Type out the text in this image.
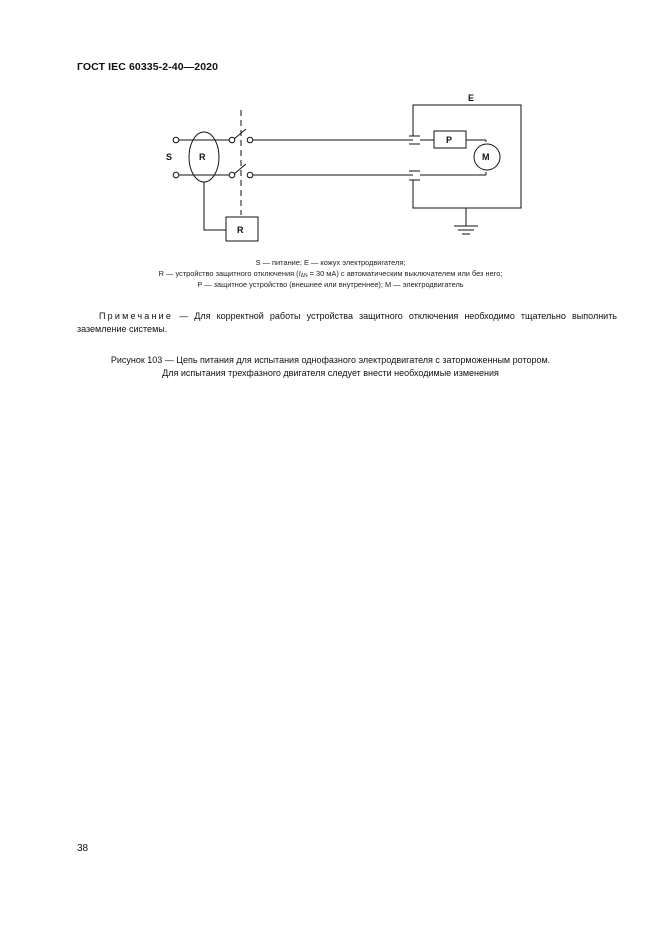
ГОСТ IEC 60335-2-40—2020
S	R
R
E
P
M
S — питание; E — кожух электродвигателя;
R — устройство защитного отключения ($I_{\Delta N} = 30$ мА) с автоматическим выключателем или без него;
P — защитное устройство (внешнее или внутреннее); M — электродвигатель
Примечание — Для корректной работы устройства защитного отключения необходимо тщательно выполнить заземление системы.
Рисунок 103 — Цепь питания для испытания однофазного электродвигателя с заторможенным ротором.
Для испытания трехфазного двигателя следует внести необходимые изменения
38
